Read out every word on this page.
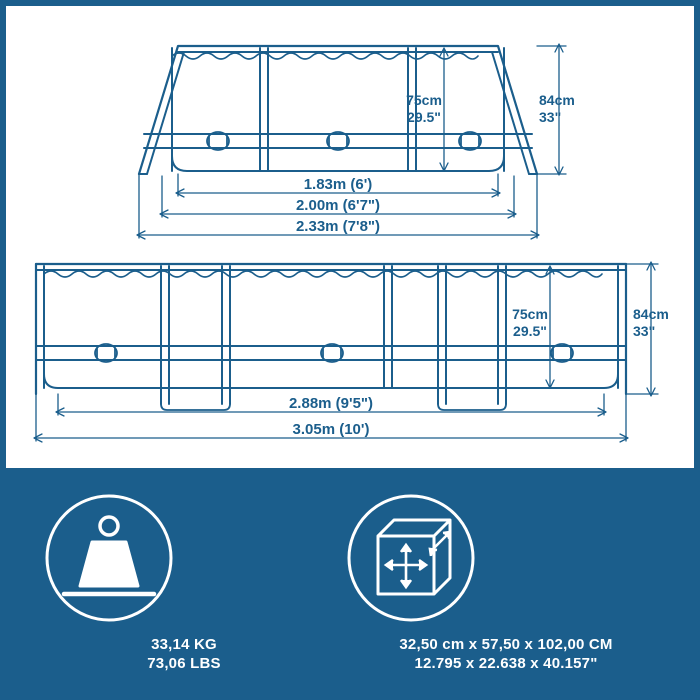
75cm
29.5"
84cm
33"
1.83m (6')
2.00m (6'7")
2.33m (7'8")
75cm
29.5"
84cm
33"
2.88m (9'5")
3.05m (10')
33,14 KG
73,06 LBS
32,50 cm x 57,50 x 102,00 CM
12.795 x 22.638 x 40.157"
